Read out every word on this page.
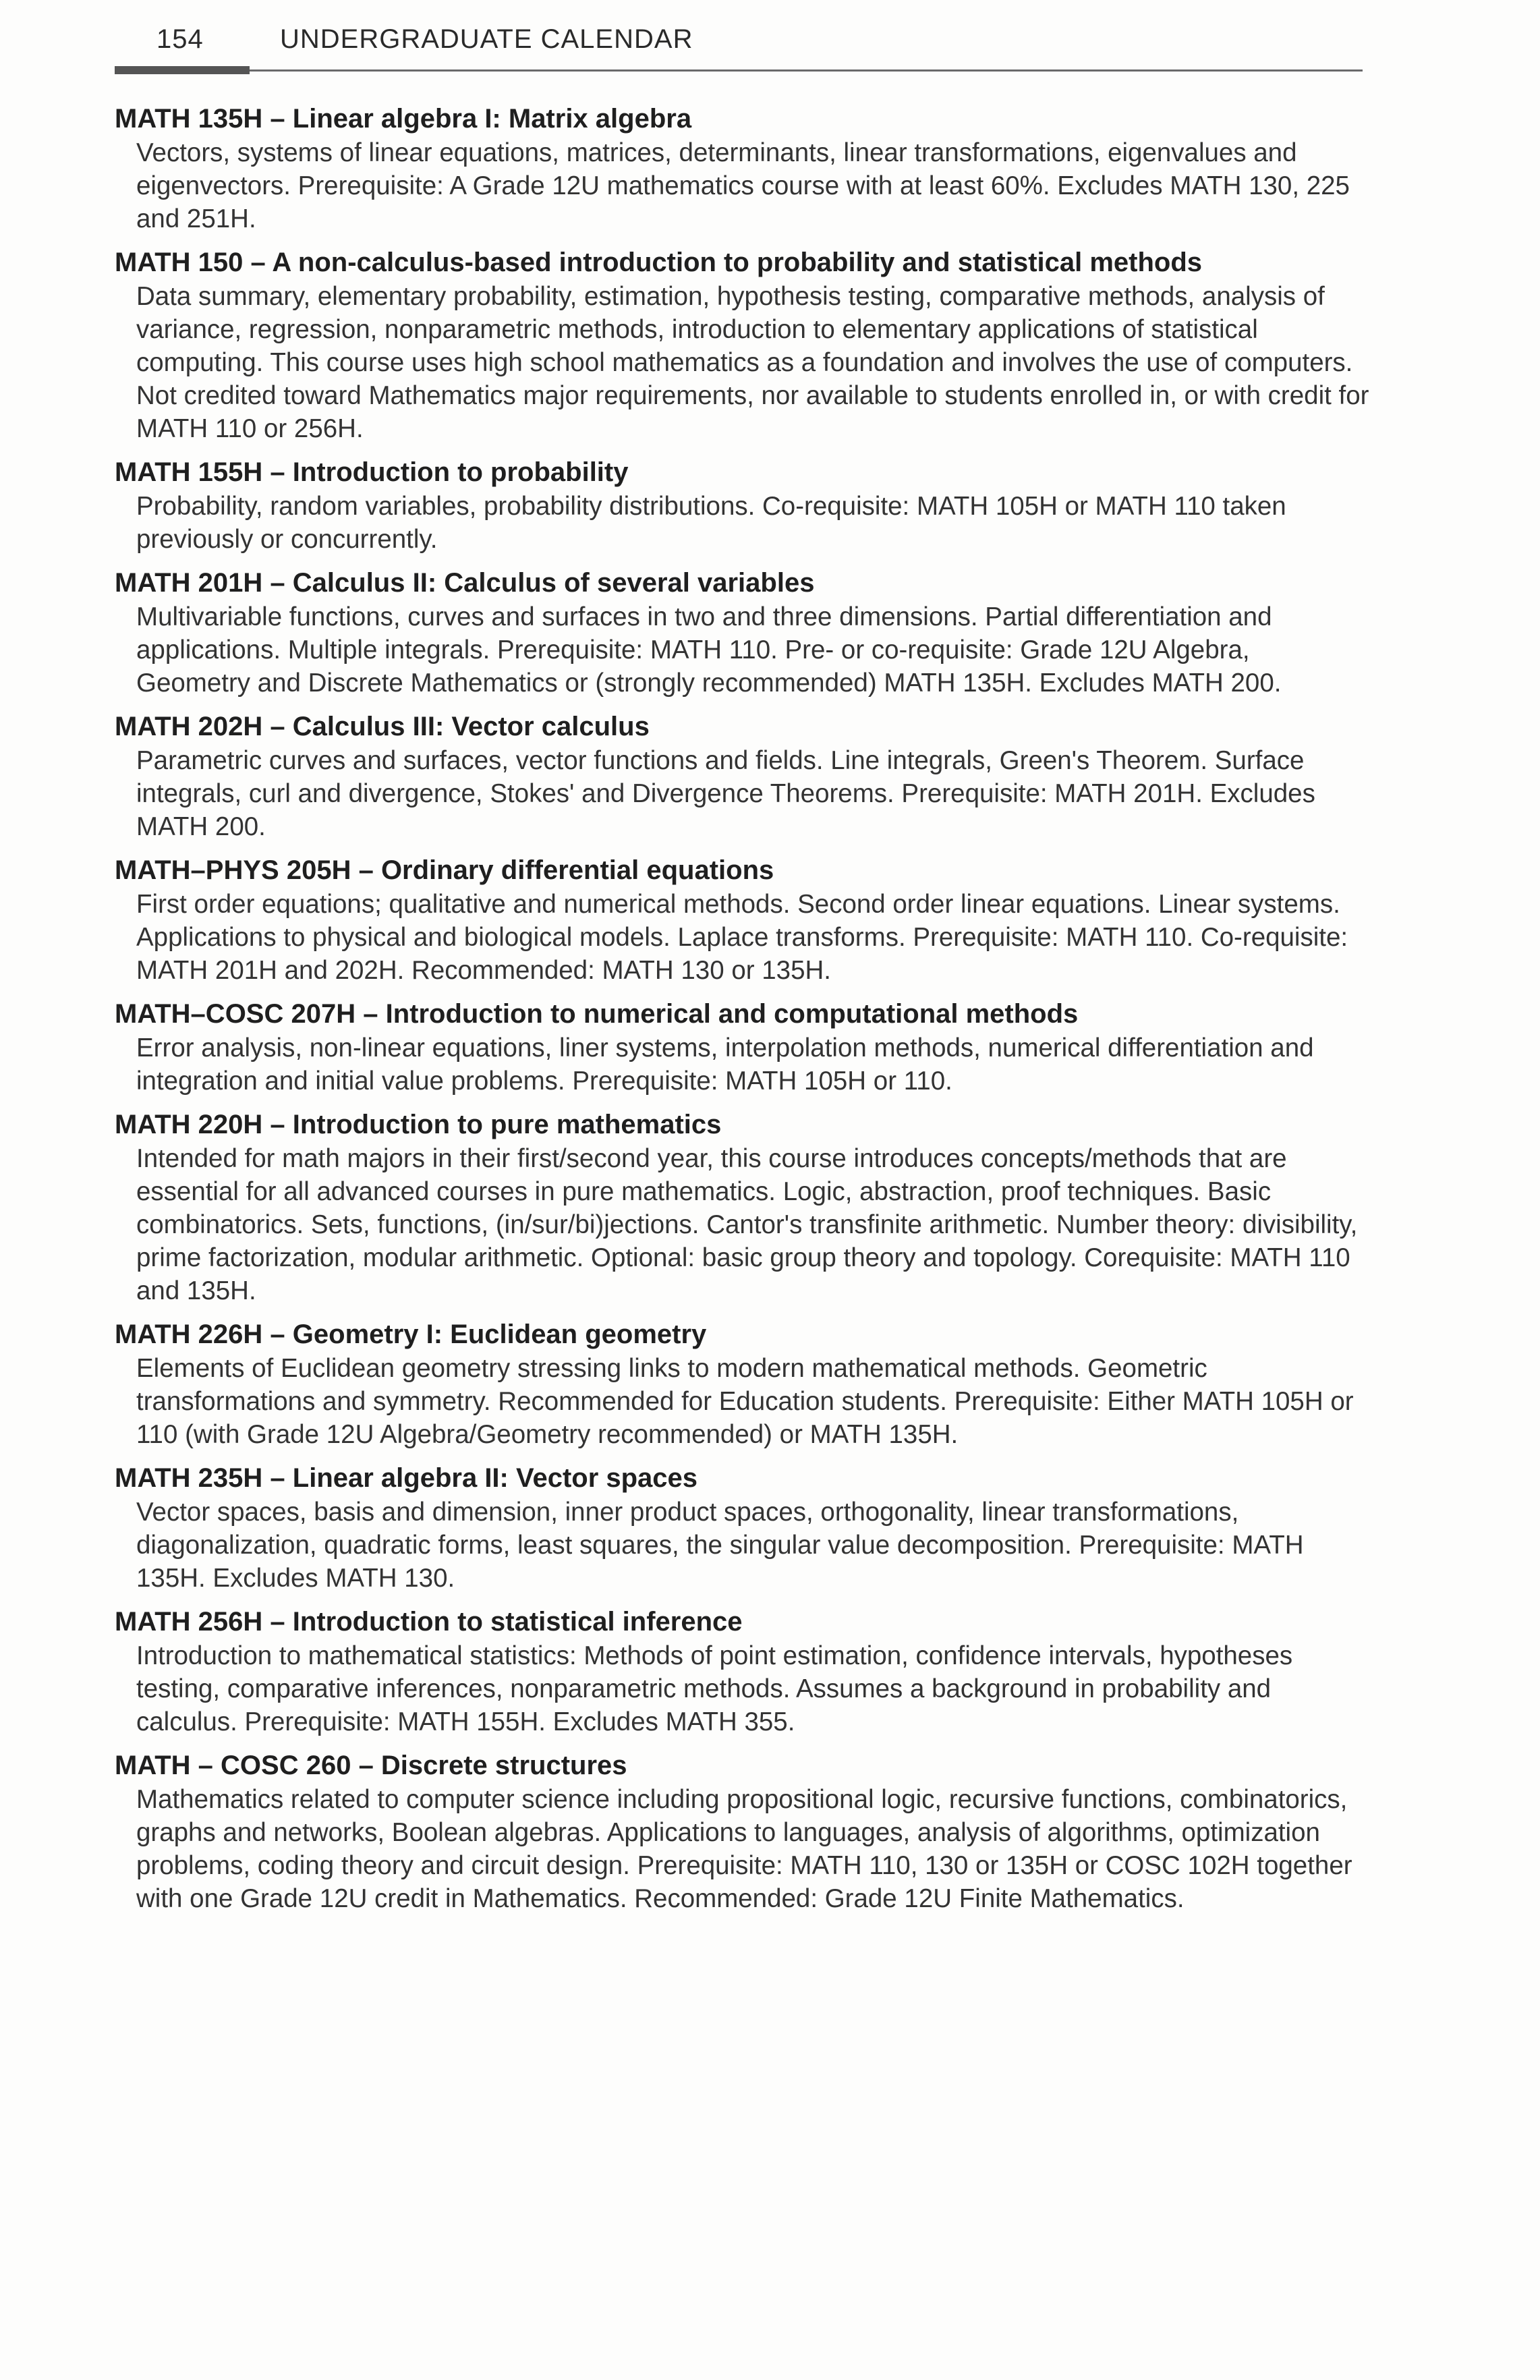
154	UNDERGRADUATE CALENDAR
MATH 135H – Linear algebra I: Matrix algebra
Vectors, systems of linear equations, matrices, determinants, linear transformations, eigenvalues and eigenvectors. Prerequisite: A Grade 12U mathematics course with at least 60%. Excludes MATH 130, 225 and 251H.
MATH 150 – A non-calculus-based introduction to probability and statistical methods
Data summary, elementary probability, estimation, hypothesis testing, comparative methods, analysis of variance, regression, nonparametric methods, introduction to elementary applications of statistical computing. This course uses high school mathematics as a foundation and involves the use of computers. Not credited toward Mathematics major requirements, nor available to students enrolled in, or with credit for MATH 110 or 256H.
MATH 155H – Introduction to probability
Probability, random variables, probability distributions. Co-requisite: MATH 105H or MATH 110 taken previously or concurrently.
MATH 201H – Calculus II: Calculus of several variables
Multivariable functions, curves and surfaces in two and three dimensions. Partial differentiation and applications. Multiple integrals. Prerequisite: MATH 110. Pre- or co-requisite: Grade 12U Algebra, Geometry and Discrete Mathematics or (strongly recommended) MATH 135H. Excludes MATH 200.
MATH 202H – Calculus III: Vector calculus
Parametric curves and surfaces, vector functions and fields. Line integrals, Green's Theorem. Surface integrals, curl and divergence, Stokes' and Divergence Theorems. Prerequisite: MATH 201H. Excludes MATH 200.
MATH–PHYS 205H – Ordinary differential equations
First order equations; qualitative and numerical methods. Second order linear equations. Linear systems. Applications to physical and biological models. Laplace transforms. Prerequisite: MATH 110. Co-requisite: MATH 201H and 202H. Recommended: MATH 130 or 135H.
MATH–COSC 207H – Introduction to numerical and computational methods
Error analysis, non-linear equations, liner systems, interpolation methods, numerical differentiation and integration and initial value problems. Prerequisite: MATH 105H or 110.
MATH 220H – Introduction to pure mathematics
Intended for math majors in their first/second year, this course introduces concepts/methods that are essential for all advanced courses in pure mathematics. Logic, abstraction, proof techniques. Basic combinatorics. Sets, functions, (in/sur/bi)jections. Cantor's transfinite arithmetic. Number theory: divisibility, prime factorization, modular arithmetic. Optional: basic group theory and topology. Corequisite: MATH 110 and 135H.
MATH 226H – Geometry I: Euclidean geometry
Elements of Euclidean geometry stressing links to modern mathematical methods. Geometric transformations and symmetry. Recommended for Education students. Prerequisite: Either MATH 105H or 110 (with Grade 12U Algebra/Geometry recommended) or MATH 135H.
MATH 235H – Linear algebra II: Vector spaces
Vector spaces, basis and dimension, inner product spaces, orthogonality, linear transformations, diagonalization, quadratic forms, least squares, the singular value decomposition. Prerequisite: MATH 135H. Excludes MATH 130.
MATH 256H – Introduction to statistical inference
Introduction to mathematical statistics: Methods of point estimation, confidence intervals, hypotheses testing, comparative inferences, nonparametric methods. Assumes a background in probability and calculus. Prerequisite: MATH 155H. Excludes MATH 355.
MATH – COSC 260 – Discrete structures
Mathematics related to computer science including propositional logic, recursive functions, combinatorics, graphs and networks, Boolean algebras. Applications to languages, analysis of algorithms, optimization problems, coding theory and circuit design. Prerequisite: MATH 110, 130 or 135H or COSC 102H together with one Grade 12U credit in Mathematics. Recommended: Grade 12U Finite Mathematics.
